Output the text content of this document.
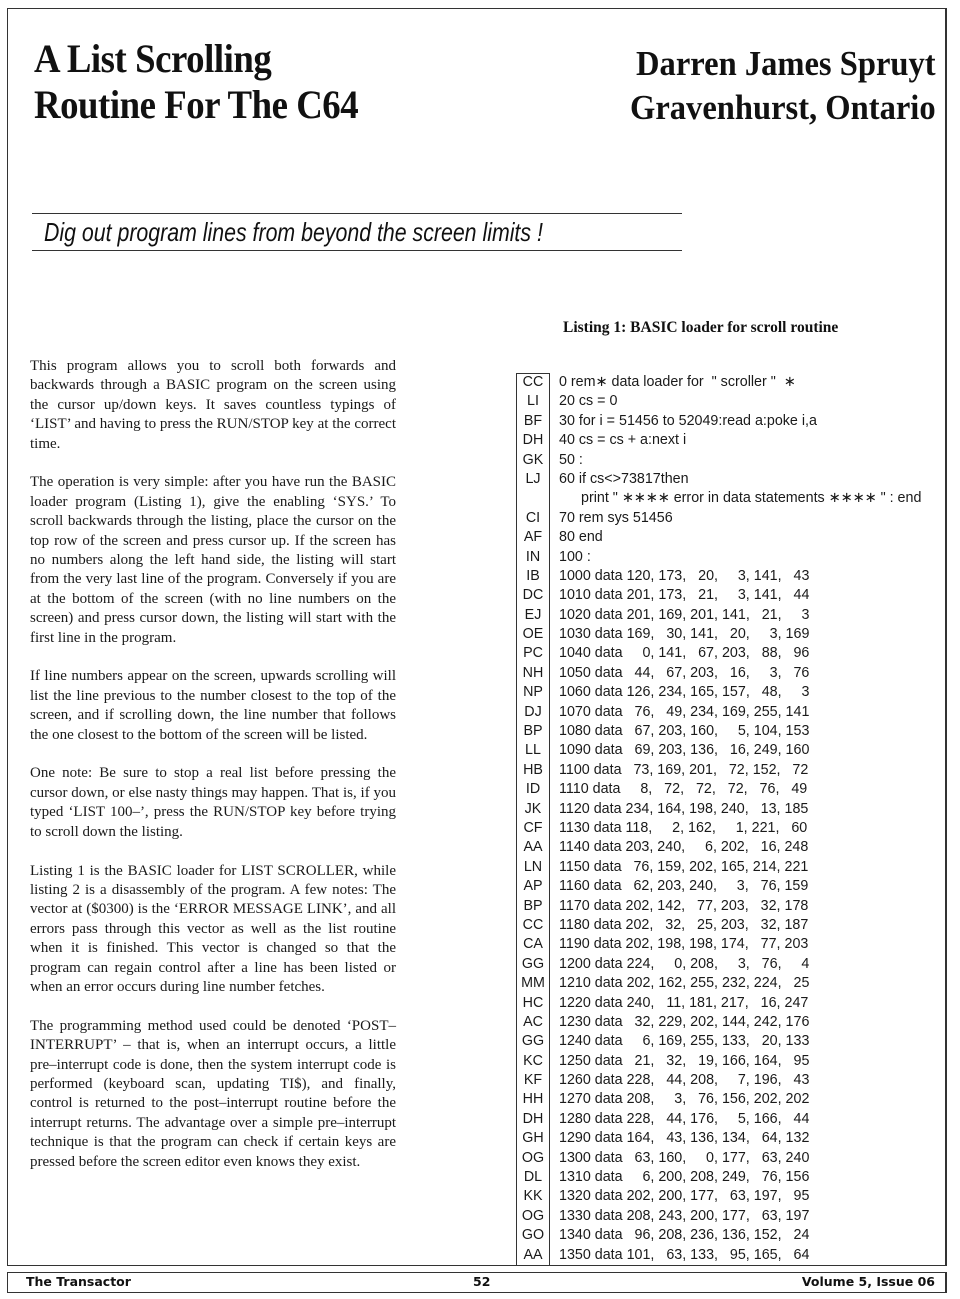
A List Scrolling
Routine For The C64
Darren James Spruyt
Gravenhurst, Ontario
Dig out program lines from beyond the screen limits !

This program allows you to scroll both forwards and backwards through a BASIC program on the screen using the cursor up/down keys. It saves countless typings of ‘LIST’ and having to press the RUN/STOP key at the correct time.

The operation is very simple: after you have run the BASIC loader program (Listing 1), give the enabling ‘SYS.’ To scroll backwards through the listing, place the cursor on the top row of the screen and press cursor up. If the screen has no numbers along the left hand side, the listing will start from the very last line of the program. Conversely if you are at the bottom of the screen (with no line numbers on the screen) and press cursor down, the listing will start with the first line in the program.

If line numbers appear on the screen, upwards scrolling will list the line previous to the number closest to the top of the screen, and if scrolling down, the line number that follows the one closest to the bottom of the screen will be listed.

One note: Be sure to stop a real list before pressing the cursor down, or else nasty things may happen. That is, if you typed ‘LIST 100–’, press the RUN/STOP key before trying to scroll down the listing.

Listing 1 is the BASIC loader for LIST SCROLLER, while listing 2 is a disassembly of the program. A few notes: The vector at ($0300) is the ‘ERROR MESSAGE LINK’, and all errors pass through this vector as well as the list routine when it is finished. This vector is changed so that the program can regain control after a line has been listed or when an error occurs during line number fetches.

The programming method used could be denoted ‘POST–INTERRUPT’ – that is, when an interrupt occurs, a little pre–interrupt code is done, then the system interrupt code is performed (keyboard scan, updating TI$), and finally, control is returned to the post–interrupt routine before the interrupt returns. The advantage over a simple pre–interrupt technique is that the program can check if certain keys are pressed before the screen editor even knows they exist.

Listing 1: BASIC loader for scroll routine
CC	0 rem∗ data loader for  " scroller "  ∗
LI	20 cs = 0
BF	30 for i = 51456 to 52049:read a:poke i,a
DH	40 cs = cs + a:next i
GK	50 :
LJ	60 if cs<>73817then
print " ∗∗∗∗ error in data statements ∗∗∗∗ " : end
CI	70 rem sys 51456
AF	80 end
IN	100 :
IB	1000 data 120, 173,   20,     3, 141,   43
DC	1010 data 201, 173,   21,     3, 141,   44
EJ	1020 data 201, 169, 201, 141,   21,     3
OE	1030 data 169,   30, 141,   20,     3, 169
PC	1040 data     0, 141,   67, 203,   88,   96
NH	1050 data   44,   67, 203,   16,     3,   76
NP	1060 data 126, 234, 165, 157,   48,     3
DJ	1070 data   76,   49, 234, 169, 255, 141
BP	1080 data   67, 203, 160,     5, 104, 153
LL	1090 data   69, 203, 136,   16, 249, 160
HB	1100 data   73, 169, 201,   72, 152,   72
ID	1110 data     8,   72,   72,   72,   76,   49
JK	1120 data 234, 164, 198, 240,   13, 185
CF	1130 data 118,     2, 162,     1, 221,   60
AA	1140 data 203, 240,     6, 202,   16, 248
LN	1150 data   76, 159, 202, 165, 214, 221
AP	1160 data   62, 203, 240,     3,   76, 159
BP	1170 data 202, 142,   77, 203,   32, 178
CC	1180 data 202,   32,   25, 203,   32, 187
CA	1190 data 202, 198, 198, 174,   77, 203
GG	1200 data 224,     0, 208,     3,   76,     4
MM 1210 data 202, 162, 255, 232, 224,   25
HC	1220 data 240,   11, 181, 217,   16, 247
AC	1230 data   32, 229, 202, 144, 242, 176
GG	1240 data     6, 169, 255, 133,   20, 133
KC	1250 data   21,   32,   19, 166, 164,   95
KF	1260 data 228,   44, 208,     7, 196,   43
HH	1270 data 208,     3,   76, 156, 202, 202
DH	1280 data 228,   44, 176,     5, 166,   44
GH	1290 data 164,   43, 136, 134,   64, 132
OG	1300 data   63, 160,     0, 177,   63, 240
DL	1310 data     6, 200, 208, 249,   76, 156
KK	1320 data 202, 200, 177,   63, 197,   95
OG	1330 data 208, 243, 200, 177,   63, 197
GO	1340 data   96, 208, 236, 136, 152,   24
AA	1350 data 101,   63, 133,   95, 165,   64
The Transactor	52	Volume 5, Issue 06
